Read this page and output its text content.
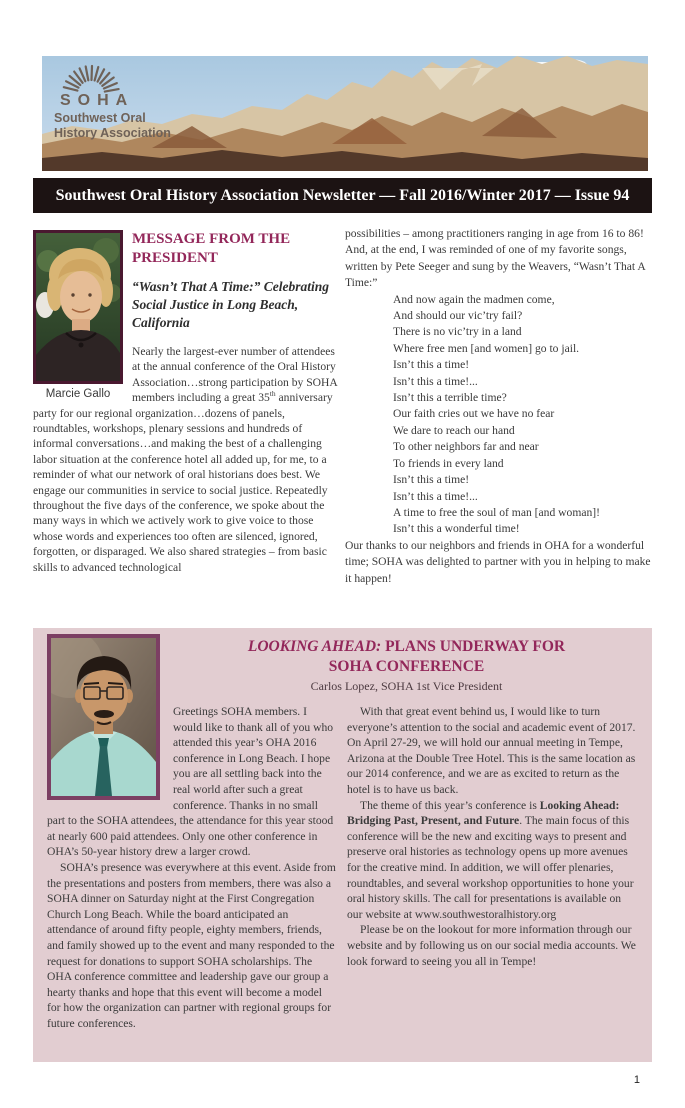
SOHA
Southwest Oral
History Association
Southwest Oral History Association Newsletter — Fall 2016/Winter 2017 — Issue 94
Marcie Gallo
MESSAGE FROM THE PRESIDENT
“Wasn’t That A Time:” Celebrating Social Justice in Long Beach, California

Nearly the largest-ever number of attendees at the annual conference of the Oral History Association…strong participation by SOHA members including a great 35th anniversary party for our regional organization…dozens of panels, roundtables, workshops, plenary sessions and hundreds of informal conversations…and making the best of a challenging labor situation at the conference hotel all added up, for me, to a reminder of what our network of oral historians does best. We engage our communities in service to social justice. Repeatedly throughout the five days of the conference, we spoke about the many ways in which we actively work to give voice to those whose words and experiences too often are silenced, ignored, forgotten, or disparaged. We also shared strategies – from basic skills to advanced technological

possibilities – among practitioners ranging in age from 16 to 86! And, at the end, I was reminded of one of my favorite songs, written by Pete Seeger and sung by the Weavers, “Wasn’t That A Time:”

And now again the madmen come,
And should our vic’try fail?
There is no vic’try in a land
Where free men [and women] go to jail.
Isn’t this a time!
Isn’t this a time!...
Isn’t this a terrible time?
Our faith cries out we have no fear
We dare to reach our hand
To other neighbors far and near
To friends in every land
Isn’t this a time!
Isn’t this a time!...
A time to free the soul of man [and woman]!
Isn’t this a wonderful time!

Our thanks to our neighbors and friends in OHA for a wonderful time; SOHA was delighted to partner with you in helping to make it happen!

LOOKING AHEAD: PLANS UNDERWAY FOR SOHA CONFERENCE
Carlos Lopez, SOHA 1st Vice President

Greetings SOHA members. I would like to thank all of you who attended this year’s OHA 2016 conference in Long Beach. I hope you are all settling back into the real world after such a great conference. Thanks in no small part to the SOHA attendees, the attendance for this year stood at nearly 600 paid attendees. Only one other conference in OHA’s 50-year history drew a larger crowd.

SOHA’s presence was everywhere at this event. Aside from the presentations and posters from members, there was also a SOHA dinner on Saturday night at the First Congregation Church Long Beach. While the board anticipated an attendance of around fifty people, eighty members, friends, and family showed up to the event and many responded to the request for donations to support SOHA scholarships. The OHA conference committee and leadership gave our group a hearty thanks and hope that this event will become a model for how the organization can partner with regional groups for future conferences.

With that great event behind us, I would like to turn everyone’s attention to the social and academic event of 2017. On April 27-29, we will hold our annual meeting in Tempe, Arizona at the Double Tree Hotel. This is the same location as our 2014 conference, and we are as excited to return as the hotel is to have us back.

The theme of this year’s conference is Looking Ahead: Bridging Past, Present, and Future. The main focus of this conference will be the new and exciting ways to present and preserve oral histories as technology opens up more avenues for the creative mind. In addition, we will offer plenaries, roundtables, and several workshop opportunities to hone your oral history skills. The call for presentations is available on our website at www.southwestoralhistory.org

Please be on the lookout for more information through our website and by following us on our social media accounts. We look forward to seeing you all in Tempe!

1
